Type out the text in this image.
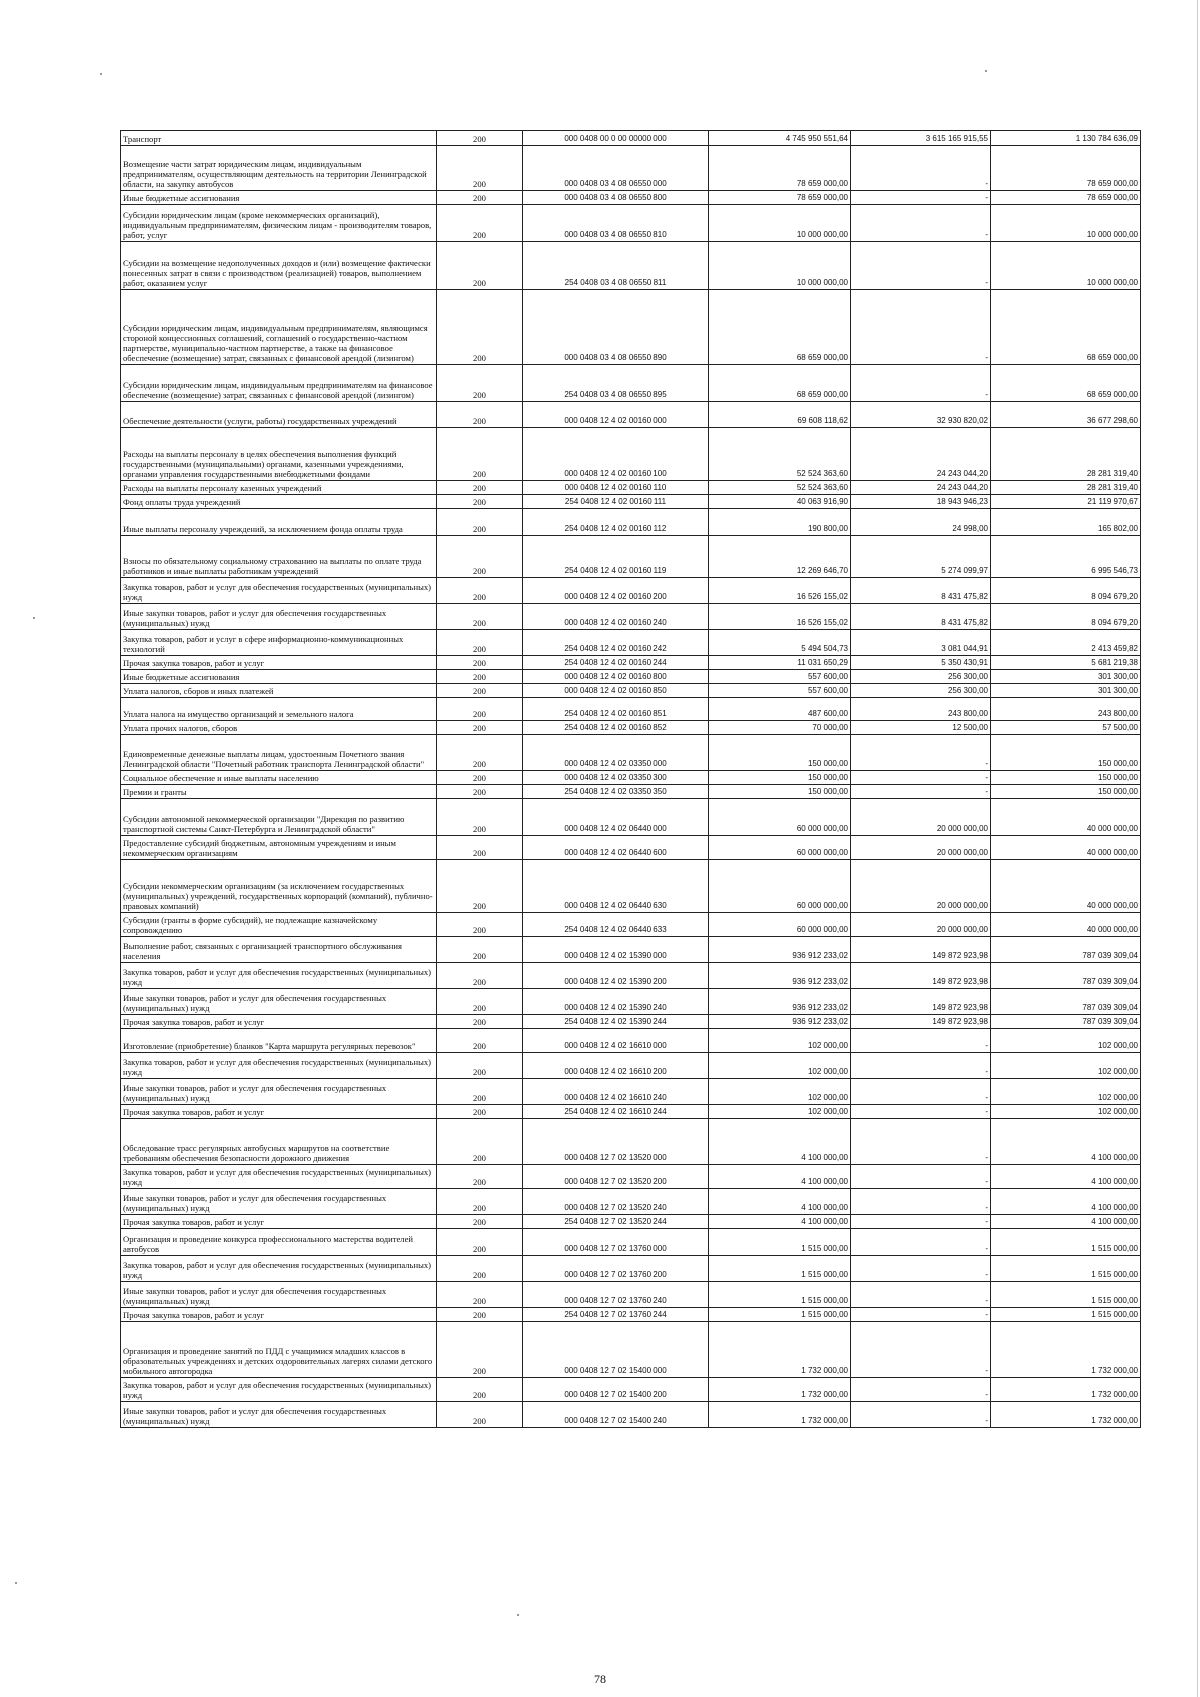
Транспорт	200	000 0408 00 0 00 00000 000	4 745 950 551,64	3 615 165 915,55	1 130 784 636,09
Возмещение части затрат юридическим лицам, индивидуальным предпринимателям, осуществляющим деятельность на территории Ленинградской области, на закупку автобусов	200	000 0408 03 4 08 06550 000	78 659 000,00	-	78 659 000,00
Иные бюджетные ассигнования	200	000 0408 03 4 08 06550 800	78 659 000,00	-	78 659 000,00
Субсидии юридическим лицам (кроме некоммерческих организаций), индивидуальным предпринимателям, физическим лицам - производителям товаров, работ, услуг	200	000 0408 03 4 08 06550 810	10 000 000,00	-	10 000 000,00
Субсидии на возмещение недополученных доходов и (или) возмещение фактически понесенных затрат в связи с производством (реализацией) товаров, выполнением работ, оказанием услуг	200	254 0408 03 4 08 06550 811	10 000 000,00	-	10 000 000,00
Субсидии юридическим лицам, индивидуальным предпринимателям, являющимся стороной концессионных соглашений, соглашений о государственно-частном партнерстве, муниципально-частном партнерстве, а также на финансовое обеспечение (возмещение) затрат, связанных с финансовой арендой (лизингом)	200	000 0408 03 4 08 06550 890	68 659 000,00	-	68 659 000,00
Субсидии юридическим лицам, индивидуальным предпринимателям на финансовое обеспечение (возмещение) затрат, связанных с финансовой арендой (лизингом)	200	254 0408 03 4 08 06550 895	68 659 000,00	-	68 659 000,00
Обеспечение деятельности (услуги, работы) государственных учреждений	200	000 0408 12 4 02 00160 000	69 608 118,62	32 930 820,02	36 677 298,60
Расходы на выплаты персоналу в целях обеспечения выполнения функций государственными (муниципальными) органами, казенными учреждениями, органами управления государственными внебюджетными фондами	200	000 0408 12 4 02 00160 100	52 524 363,60	24 243 044,20	28 281 319,40
Расходы на выплаты персоналу казенных учреждений	200	000 0408 12 4 02 00160 110	52 524 363,60	24 243 044,20	28 281 319,40
Фонд оплаты труда учреждений	200	254 0408 12 4 02 00160 111	40 063 916,90	18 943 946,23	21 119 970,67
Иные выплаты персоналу учреждений, за исключением фонда оплаты труда	200	254 0408 12 4 02 00160 112	190 800,00	24 998,00	165 802,00
Взносы по обязательному социальному страхованию на выплаты по оплате труда работников и иные выплаты работникам учреждений	200	254 0408 12 4 02 00160 119	12 269 646,70	5 274 099,97	6 995 546,73
Закупка товаров, работ и услуг для обеспечения государственных (муниципальных) нужд	200	000 0408 12 4 02 00160 200	16 526 155,02	8 431 475,82	8 094 679,20
Иные закупки товаров, работ и услуг для обеспечения государственных (муниципальных) нужд	200	000 0408 12 4 02 00160 240	16 526 155,02	8 431 475,82	8 094 679,20
Закупка товаров, работ и услуг в сфере информационно-коммуникационных технологий	200	254 0408 12 4 02 00160 242	5 494 504,73	3 081 044,91	2 413 459,82
Прочая закупка товаров, работ и услуг	200	254 0408 12 4 02 00160 244	11 031 650,29	5 350 430,91	5 681 219,38
Иные бюджетные ассигнования	200	000 0408 12 4 02 00160 800	557 600,00	256 300,00	301 300,00
Уплата налогов, сборов и иных платежей	200	000 0408 12 4 02 00160 850	557 600,00	256 300,00	301 300,00
Уплата налога на имущество организаций и земельного налога	200	254 0408 12 4 02 00160 851	487 600,00	243 800,00	243 800,00
Уплата прочих налогов, сборов	200	254 0408 12 4 02 00160 852	70 000,00	12 500,00	57 500,00
Единовременные денежные выплаты лицам, удостоенным Почетного звания Ленинградской области "Почетный работник транспорта Ленинградской области"	200	000 0408 12 4 02 03350 000	150 000,00	-	150 000,00
Социальное обеспечение и иные выплаты населению	200	000 0408 12 4 02 03350 300	150 000,00	-	150 000,00
Премии и гранты	200	254 0408 12 4 02 03350 350	150 000,00	-	150 000,00
Субсидии автономной некоммерческой организации "Дирекция по развитию транспортной системы Санкт-Петербурга и Ленинградской области"	200	000 0408 12 4 02 06440 000	60 000 000,00	20 000 000,00	40 000 000,00
Предоставление субсидий бюджетным, автономным учреждениям и иным некоммерческим организациям	200	000 0408 12 4 02 06440 600	60 000 000,00	20 000 000,00	40 000 000,00
Субсидии некоммерческим организациям (за исключением государственных (муниципальных) учреждений, государственных корпораций (компаний), публично-правовых компаний)	200	000 0408 12 4 02 06440 630	60 000 000,00	20 000 000,00	40 000 000,00
Субсидии (гранты в форме субсидий), не подлежащие казначейскому сопровождению	200	254 0408 12 4 02 06440 633	60 000 000,00	20 000 000,00	40 000 000,00
Выполнение работ, связанных с организацией транспортного обслуживания населения	200	000 0408 12 4 02 15390 000	936 912 233,02	149 872 923,98	787 039 309,04
Закупка товаров, работ и услуг для обеспечения государственных (муниципальных) нужд	200	000 0408 12 4 02 15390 200	936 912 233,02	149 872 923,98	787 039 309,04
Иные закупки товаров, работ и услуг для обеспечения государственных (муниципальных) нужд	200	000 0408 12 4 02 15390 240	936 912 233,02	149 872 923,98	787 039 309,04
Прочая закупка товаров, работ и услуг	200	254 0408 12 4 02 15390 244	936 912 233,02	149 872 923,98	787 039 309,04
Изготовление (приобретение) бланков "Карта маршрута регулярных перевозок"	200	000 0408 12 4 02 16610 000	102 000,00	-	102 000,00
Закупка товаров, работ и услуг для обеспечения государственных (муниципальных) нужд	200	000 0408 12 4 02 16610 200	102 000,00	-	102 000,00
Иные закупки товаров, работ и услуг для обеспечения государственных (муниципальных) нужд	200	000 0408 12 4 02 16610 240	102 000,00	-	102 000,00
Прочая закупка товаров, работ и услуг	200	254 0408 12 4 02 16610 244	102 000,00	-	102 000,00
Обследование трасс регулярных автобусных маршрутов на соответствие требованиям обеспечения безопасности дорожного движения	200	000 0408 12 7 02 13520 000	4 100 000,00	-	4 100 000,00
Закупка товаров, работ и услуг для обеспечения государственных (муниципальных) нужд	200	000 0408 12 7 02 13520 200	4 100 000,00	-	4 100 000,00
Иные закупки товаров, работ и услуг для обеспечения государственных (муниципальных) нужд	200	000 0408 12 7 02 13520 240	4 100 000,00	-	4 100 000,00
Прочая закупка товаров, работ и услуг	200	254 0408 12 7 02 13520 244	4 100 000,00	-	4 100 000,00
Организация и проведение конкурса профессионального мастерства водителей автобусов	200	000 0408 12 7 02 13760 000	1 515 000,00	-	1 515 000,00
Закупка товаров, работ и услуг для обеспечения государственных (муниципальных) нужд	200	000 0408 12 7 02 13760 200	1 515 000,00	-	1 515 000,00
Иные закупки товаров, работ и услуг для обеспечения государственных (муниципальных) нужд	200	000 0408 12 7 02 13760 240	1 515 000,00	-	1 515 000,00
Прочая закупка товаров, работ и услуг	200	254 0408 12 7 02 13760 244	1 515 000,00	-	1 515 000,00
Организация и проведение занятий по ПДД с учащимися младших классов в образовательных учреждениях и детских оздоровительных лагерях силами детского мобильного автогородка	200	000 0408 12 7 02 15400 000	1 732 000,00	-	1 732 000,00
Закупка товаров, работ и услуг для обеспечения государственных (муниципальных) нужд	200	000 0408 12 7 02 15400 200	1 732 000,00	-	1 732 000,00
Иные закупки товаров, работ и услуг для обеспечения государственных (муниципальных) нужд	200	000 0408 12 7 02 15400 240	1 732 000,00	-	1 732 000,00
78
